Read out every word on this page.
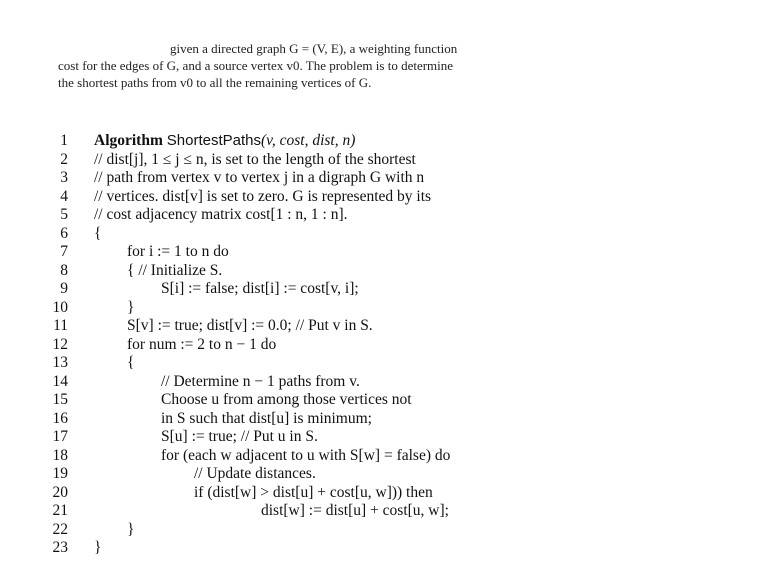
given a directed graph G = (V, E), a weighting function
cost for the edges of G, and a source vertex v0. The problem is to determine
the shortest paths from v0 to all the remaining vertices of G.
1 Algorithm ShortestPaths(v, cost, dist, n)
2 // dist[j], 1 ≤ j ≤ n, is set to the length of the shortest
3 // path from vertex v to vertex j in a digraph G with n
4 // vertices. dist[v] is set to zero. G is represented by its
5 // cost adjacency matrix cost[1 : n, 1 : n].
6 {
7	for i := 1 to n do
8	{ // Initialize S.
9	S[i] := false; dist[i] := cost[v, i];
10	}
11	S[v] := true; dist[v] := 0.0; // Put v in S.
12	for num := 2 to n − 1 do
13	{
14	// Determine n − 1 paths from v.
15	Choose u from among those vertices not
16	in S such that dist[u] is minimum;
17	S[u] := true; // Put u in S.
18	for (each w adjacent to u with S[w] = false) do
19	// Update distances.
20	if (dist[w] > dist[u] + cost[u, w])) then
21	dist[w] := dist[u] + cost[u, w];
22	}
23 }
